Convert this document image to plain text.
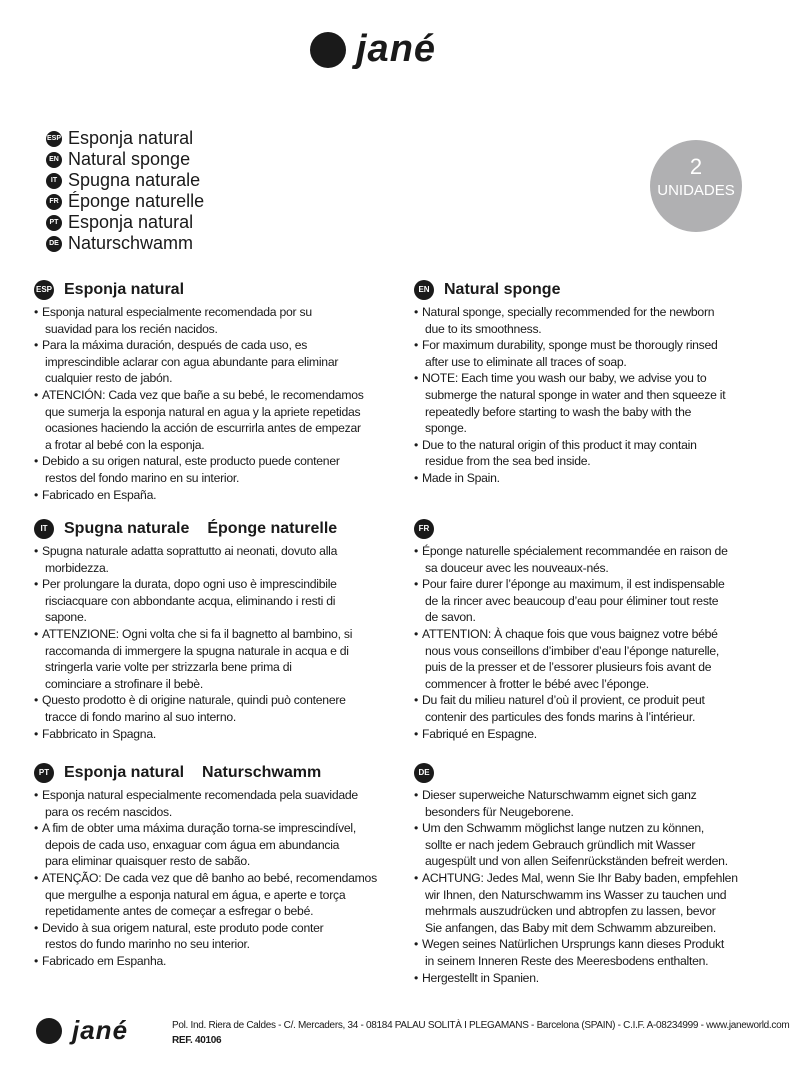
jané
ESP Esponja natural
EN Natural sponge
IT Spugna naturale
FR Éponge naturelle
PT Esponja natural
DE Naturschwamm
2
UNIDADES
ESP Esponja natural
• Esponja natural especialmente recomendada por su
suavidad para los recién nacidos.
• Para la máxima duración, después de cada uso, es
imprescindible aclarar con agua abundante para eliminar
cualquier resto de jabón.
• ATENCIÓN: Cada vez que bañe a su bebé, le recomendamos
que sumerja la esponja natural en agua y la apriete repetidas
ocasiones haciendo la acción de escurrirla antes de empezar
a frotar al bebé con la esponja.
• Debido a su origen natural, este producto puede contener
restos del fondo marino en su interior.
• Fabricado en España.
EN Natural sponge
• Natural sponge, specially recommended for the newborn
due to its smoothness.
• For maximum durability, sponge must be thorougly rinsed
after use to eliminate all traces of soap.
• NOTE: Each time you wash our baby, we advise you to
submerge the natural sponge in water and then squeeze it
repeatedly before starting to wash the baby with the
sponge.
• Due to the natural origin of this product it may contain
residue from the sea bed inside.
• Made in Spain.
IT Spugna naturale Éponge naturelle
• Spugna naturale adatta soprattutto ai neonati, dovuto alla
morbidezza.
• Per prolungare la durata, dopo ogni uso è imprescindibile
risciacquare con abbondante acqua, eliminando i resti di
sapone.
• ATTENZIONE: Ogni volta che si fa il bagnetto al bambino, si
raccomanda di immergere la spugna naturale in acqua e di
stringerla varie volte per strizzarla bene prima di
cominciare a strofinare il bebè.
• Questo prodotto è di origine naturale, quindi può contenere
tracce di fondo marino al suo interno.
• Fabbricato in Spagna.
FR
• Éponge naturelle spécialement recommandée en raison de
sa douceur avec les nouveaux-nés.
• Pour faire durer l’éponge au maximum, il est indispensable
de la rincer avec beaucoup d’eau pour éliminer tout reste
de savon.
• ATTENTION: À chaque fois que vous baignez votre bébé
nous vous conseillons d’imbiber d’eau l’éponge naturelle,
puis de la presser et de l’essorer plusieurs fois avant de
commencer à frotter le bébé avec l’éponge.
• Du fait du milieu naturel d’où il provient, ce produit peut
contenir des particules des fonds marins à l’intérieur.
• Fabriqué en Espagne.
PT Esponja natural Naturschwamm
• Esponja natural especialmente recomendada pela suavidade
para os recém nascidos.
• A fim de obter uma máxima duração torna-se imprescindível,
depois de cada uso, enxaguar com água em abundancia
para eliminar quaisquer resto de sabão.
• ATENÇÃO: De cada vez que dê banho ao bebé, recomendamos
que mergulhe a esponja natural em água, e aperte e torça
repetidamente antes de começar a esfregar o bebé.
• Devido à sua origem natural, este produto pode conter
restos do fundo marinho no seu interior.
• Fabricado em Espanha.
DE
• Dieser superweiche Naturschwamm eignet sich ganz
besonders für Neugeborene.
• Um den Schwamm möglichst lange nutzen zu können,
sollte er nach jedem Gebrauch gründlich mit Wasser
augespült und von allen Seifenrückständen befreit werden.
• ACHTUNG: Jedes Mal, wenn Sie Ihr Baby baden, empfehlen
wir Ihnen, den Naturschwamm ins Wasser zu tauchen und
mehrmals auszudrücken und abtropfen zu lassen, bevor
Sie anfangen, das Baby mit dem Schwamm abzureiben.
• Wegen seines Natürlichen Ursprungs kann dieses Produkt
in seinem Inneren Reste des Meeresbodens enthalten.
• Hergestellt in Spanien.
jané	Pol. Ind. Riera de Caldes - C/. Mercaders, 34 - 08184 PALAU SOLITÀ I PLEGAMANS - Barcelona (SPAIN) - C.I.F. A-08234999 - www.janeworld.com
REF. 40106
